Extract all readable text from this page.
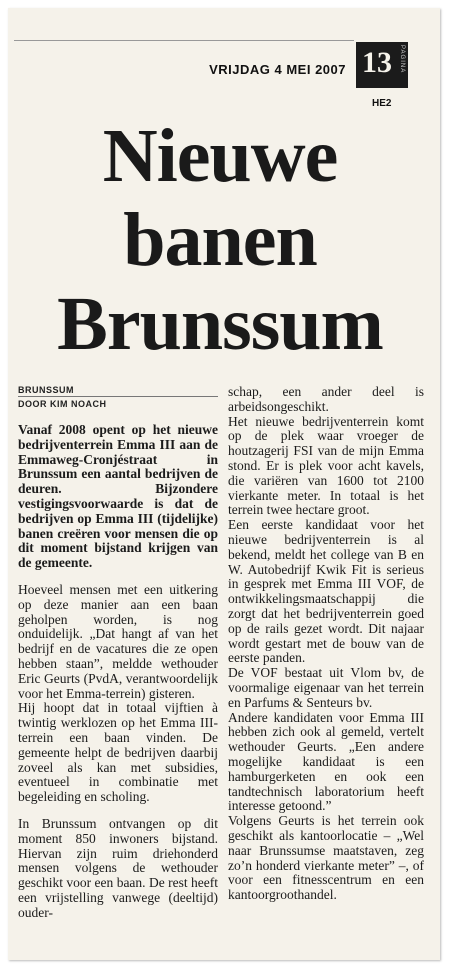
VRIJDAG 4 MEI 2007 13 PAGINA
HE2
Nieuwe
banen
Brunssum
BRUNSSUM
DOOR KIM NOACH

Vanaf 2008 opent op het nieuwe bedrijventerrein Emma III aan de Emmaweg-Cronjéstraat in Brunssum een aantal bedrijven de deuren. Bijzondere vestigingsvoorwaarde is dat de bedrijven op Emma III (tijdelijke) banen creëren voor mensen die op dit moment bijstand krijgen van de gemeente.

Hoeveel mensen met een uitkering op deze manier aan een baan geholpen worden, is nog onduidelijk. „Dat hangt af van het bedrijf en de vacatures die ze open hebben staan”, meldde wethouder Eric Geurts (PvdA, verantwoordelijk voor het Emma-terrein) gisteren.

Hij hoopt dat in totaal vijftien à twintig werklozen op het Emma III-terrein een baan vinden. De gemeente helpt de bedrijven daarbij zoveel als kan met subsidies, eventueel in combinatie met begeleiding en scholing.

In Brunssum ontvangen op dit moment 850 inwoners bijstand. Hiervan zijn ruim driehonderd mensen volgens de wethouder geschikt voor een baan. De rest heeft een vrijstelling vanwege (deeltijd) ouder-

schap, een ander deel is arbeidsongeschikt.

Het nieuwe bedrijventerrein komt op de plek waar vroeger de houtzagerij FSI van de mijn Emma stond. Er is plek voor acht kavels, die variëren van 1600 tot 2100 vierkante meter. In totaal is het terrein twee hectare groot.

Een eerste kandidaat voor het nieuwe bedrijventerrein is al bekend, meldt het college van B en W. Autobedrijf Kwik Fit is serieus in gesprek met Emma III VOF, de ontwikkelingsmaatschappij die zorgt dat het bedrijventerrein goed op de rails gezet wordt. Dit najaar wordt gestart met de bouw van de eerste panden.

De VOF bestaat uit Vlom bv, de voormalige eigenaar van het terrein en Parfums & Senteurs bv.

Andere kandidaten voor Emma III hebben zich ook al gemeld, vertelt wethouder Geurts. „Een andere mogelijke kandidaat is een hamburgerketen en ook een tandtechnisch laboratorium heeft interesse getoond.”

Volgens Geurts is het terrein ook geschikt als kantoorlocatie – „Wel naar Brunssumse maatstaven, zeg zo’n honderd vierkante meter” –, of voor een fitnesscentrum en een kantoorgroothandel.
